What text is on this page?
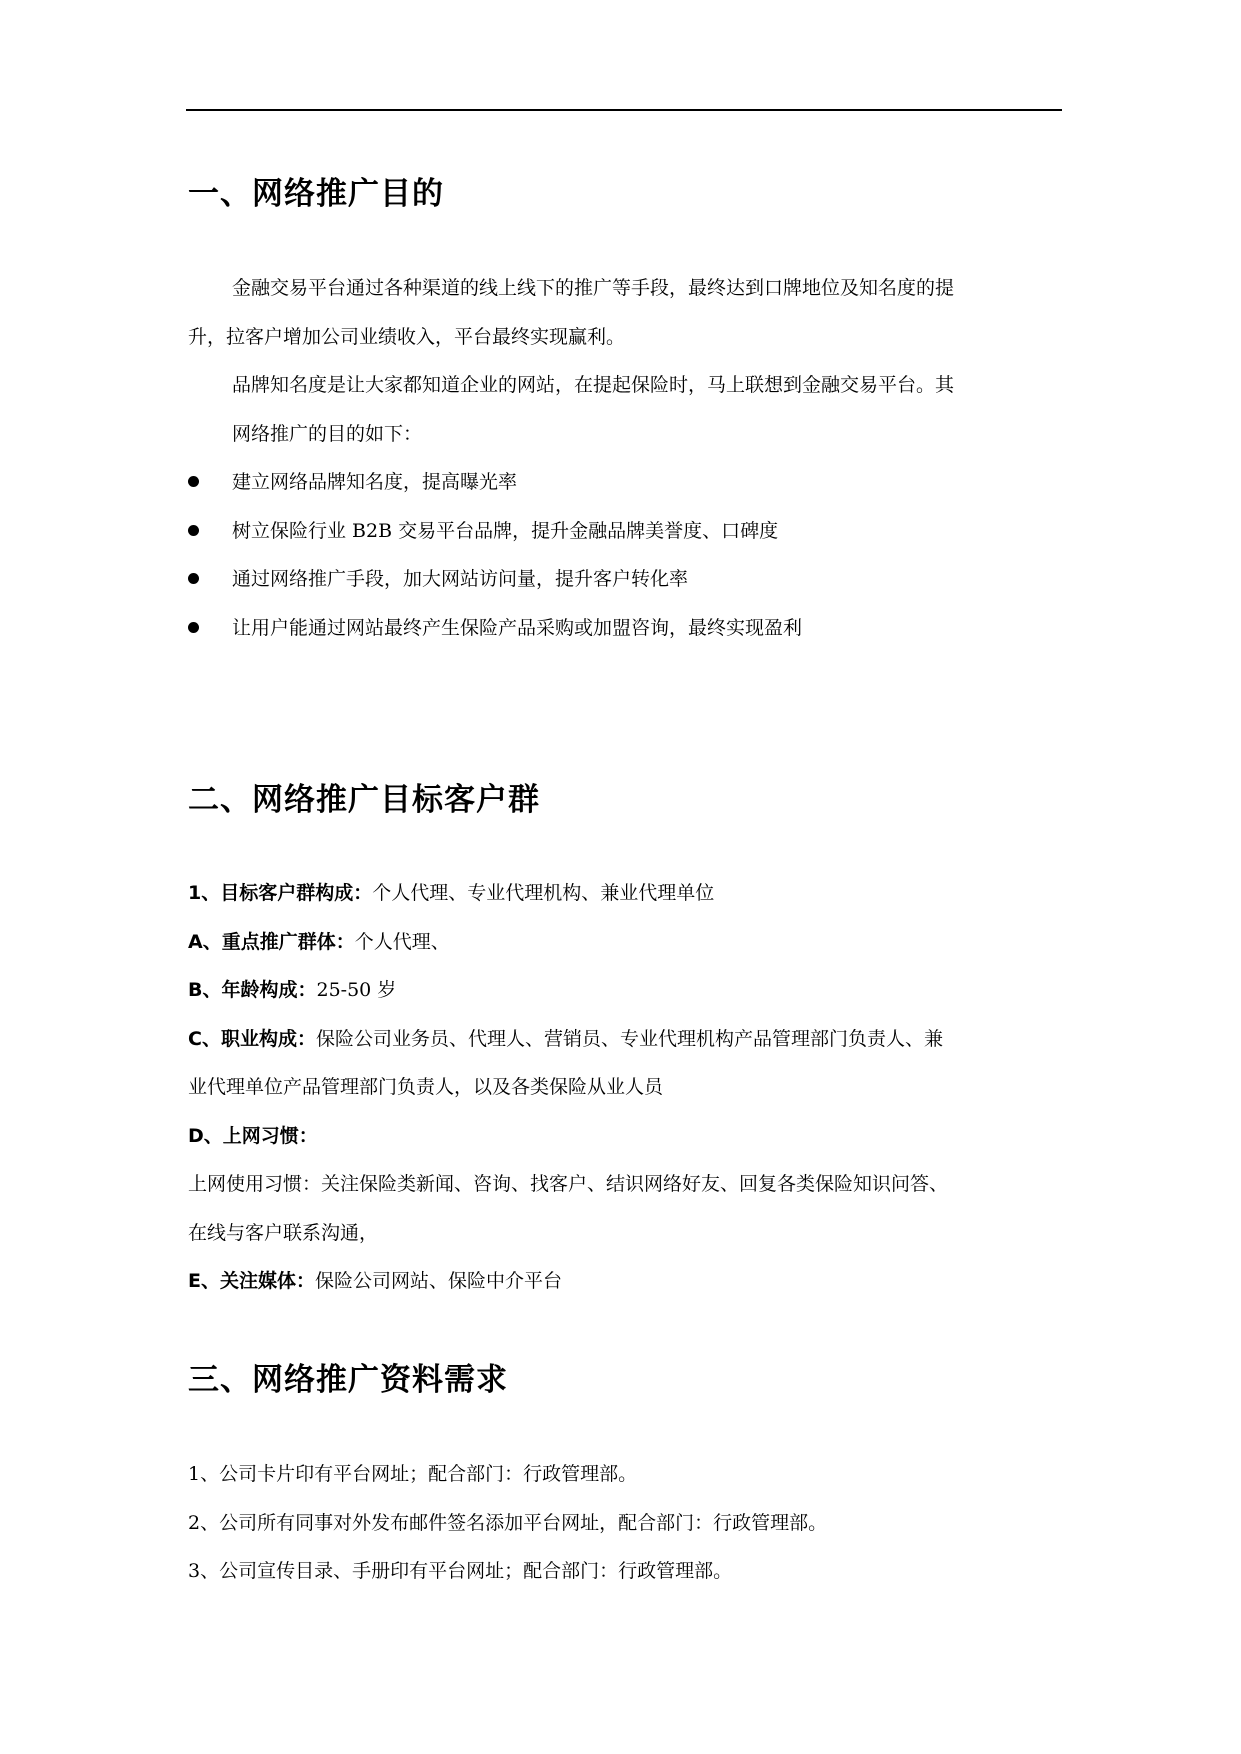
一、网络推广目的
金融交易平台通过各种渠道的线上线下的推广等手段，最终达到口牌地位及知名度的提
升，拉客户增加公司业绩收入，平台最终实现赢利。
品牌知名度是让大家都知道企业的网站，在提起保险时，马上联想到金融交易平台。其
网络推广的目的如下：
建立网络品牌知名度，提高曝光率
树立保险行业 B2B 交易平台品牌，提升金融品牌美誉度、口碑度
通过网络推广手段，加大网站访问量，提升客户转化率
让用户能通过网站最终产生保险产品采购或加盟咨询，最终实现盈利
二、网络推广目标客户群
1、目标客户群构成：个人代理、专业代理机构、兼业代理单位
A、重点推广群体：个人代理、
B、年龄构成：25-50 岁
C、职业构成：保险公司业务员、代理人、营销员、专业代理机构产品管理部门负责人、兼
业代理单位产品管理部门负责人，以及各类保险从业人员
D、上网习惯：
上网使用习惯：关注保险类新闻、咨询、找客户、结识网络好友、回复各类保险知识问答、
在线与客户联系沟通，
E、关注媒体：保险公司网站、保险中介平台
三、网络推广资料需求
1、公司卡片印有平台网址；配合部门：行政管理部。
2、公司所有同事对外发布邮件签名添加平台网址，配合部门：行政管理部。
3、公司宣传目录、手册印有平台网址；配合部门：行政管理部。
